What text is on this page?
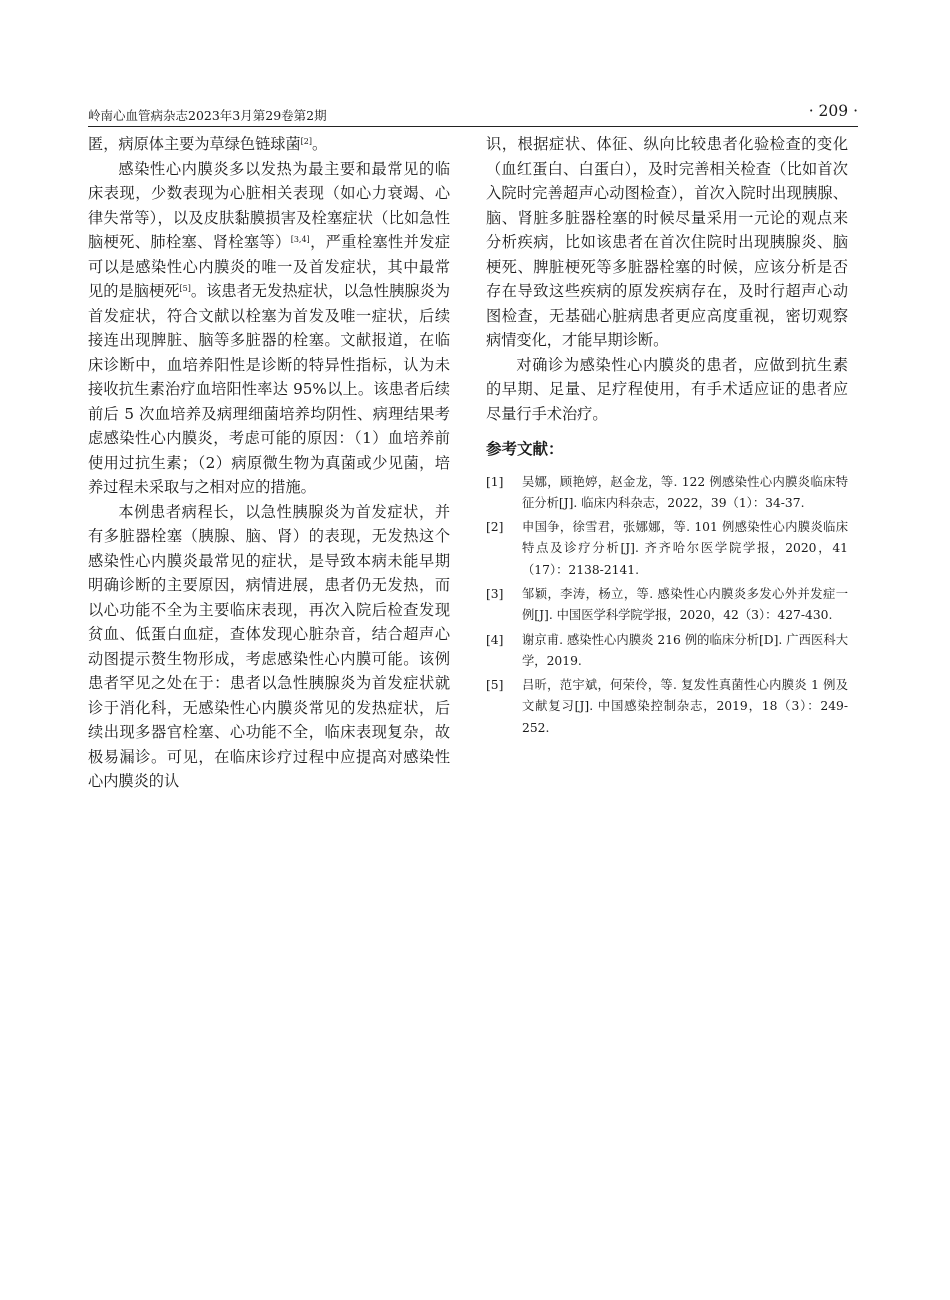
岭南心血管病杂志2023年3月第29卷第2期	· 209 ·

匿，病原体主要为草绿色链球菌[2]。

感染性心内膜炎多以发热为最主要和最常见的临床表现，少数表现为心脏相关表现（如心力衰竭、心律失常等），以及皮肤黏膜损害及栓塞症状（比如急性脑梗死、肺栓塞、肾栓塞等）[3,4]，严重栓塞性并发症可以是感染性心内膜炎的唯一及首发症状，其中最常见的是脑梗死[5]。该患者无发热症状，以急性胰腺炎为首发症状，符合文献以栓塞为首发及唯一症状，后续接连出现脾脏、脑等多脏器的栓塞。文献报道，在临床诊断中，血培养阳性是诊断的特异性指标，认为未接收抗生素治疗血培阳性率达 95%以上。该患者后续前后 5 次血培养及病理细菌培养均阴性、病理结果考虑感染性心内膜炎，考虑可能的原因：（1）血培养前使用过抗生素；（2）病原微生物为真菌或少见菌，培养过程未采取与之相对应的措施。

本例患者病程长，以急性胰腺炎为首发症状，并有多脏器栓塞（胰腺、脑、肾）的表现，无发热这个感染性心内膜炎最常见的症状，是导致本病未能早期明确诊断的主要原因，病情进展，患者仍无发热，而以心功能不全为主要临床表现，再次入院后检查发现贫血、低蛋白血症，查体发现心脏杂音，结合超声心动图提示赘生物形成，考虑感染性心内膜可能。该例患者罕见之处在于：患者以急性胰腺炎为首发症状就诊于消化科，无感染性心内膜炎常见的发热症状，后续出现多器官栓塞、心功能不全，临床表现复杂，故极易漏诊。可见，在临床诊疗过程中应提高对感染性心内膜炎的认

识，根据症状、体征、纵向比较患者化验检查的变化（血红蛋白、白蛋白），及时完善相关检查（比如首次入院时完善超声心动图检查），首次入院时出现胰腺、脑、肾脏多脏器栓塞的时候尽量采用一元论的观点来分析疾病，比如该患者在首次住院时出现胰腺炎、脑梗死、脾脏梗死等多脏器栓塞的时候，应该分析是否存在导致这些疾病的原发疾病存在，及时行超声心动图检查，无基础心脏病患者更应高度重视，密切观察病情变化，才能早期诊断。

对确诊为感染性心内膜炎的患者，应做到抗生素的早期、足量、足疗程使用，有手术适应证的患者应尽量行手术治疗。

参考文献：
[1] 吴娜，顾艳婷，赵金龙，等. 122 例感染性心内膜炎临床特征分析[J]. 临床内科杂志，2022，39（1）：34-37.
[2] 申国争，徐雪君，张娜娜，等. 101 例感染性心内膜炎临床特点及诊疗分析[J]. 齐齐哈尔医学院学报，2020，41（17）：2138-2141.
[3] 邹颖，李涛，杨立，等. 感染性心内膜炎多发心外并发症一例[J]. 中国医学科学院学报，2020，42（3）：427-430.
[4] 谢京甫. 感染性心内膜炎 216 例的临床分析[D]. 广西医科大学，2019.
[5] 吕昕，范宇斌，何荣伶，等. 复发性真菌性心内膜炎 1 例及文献复习[J]. 中国感染控制杂志，2019，18（3）：249-252.
